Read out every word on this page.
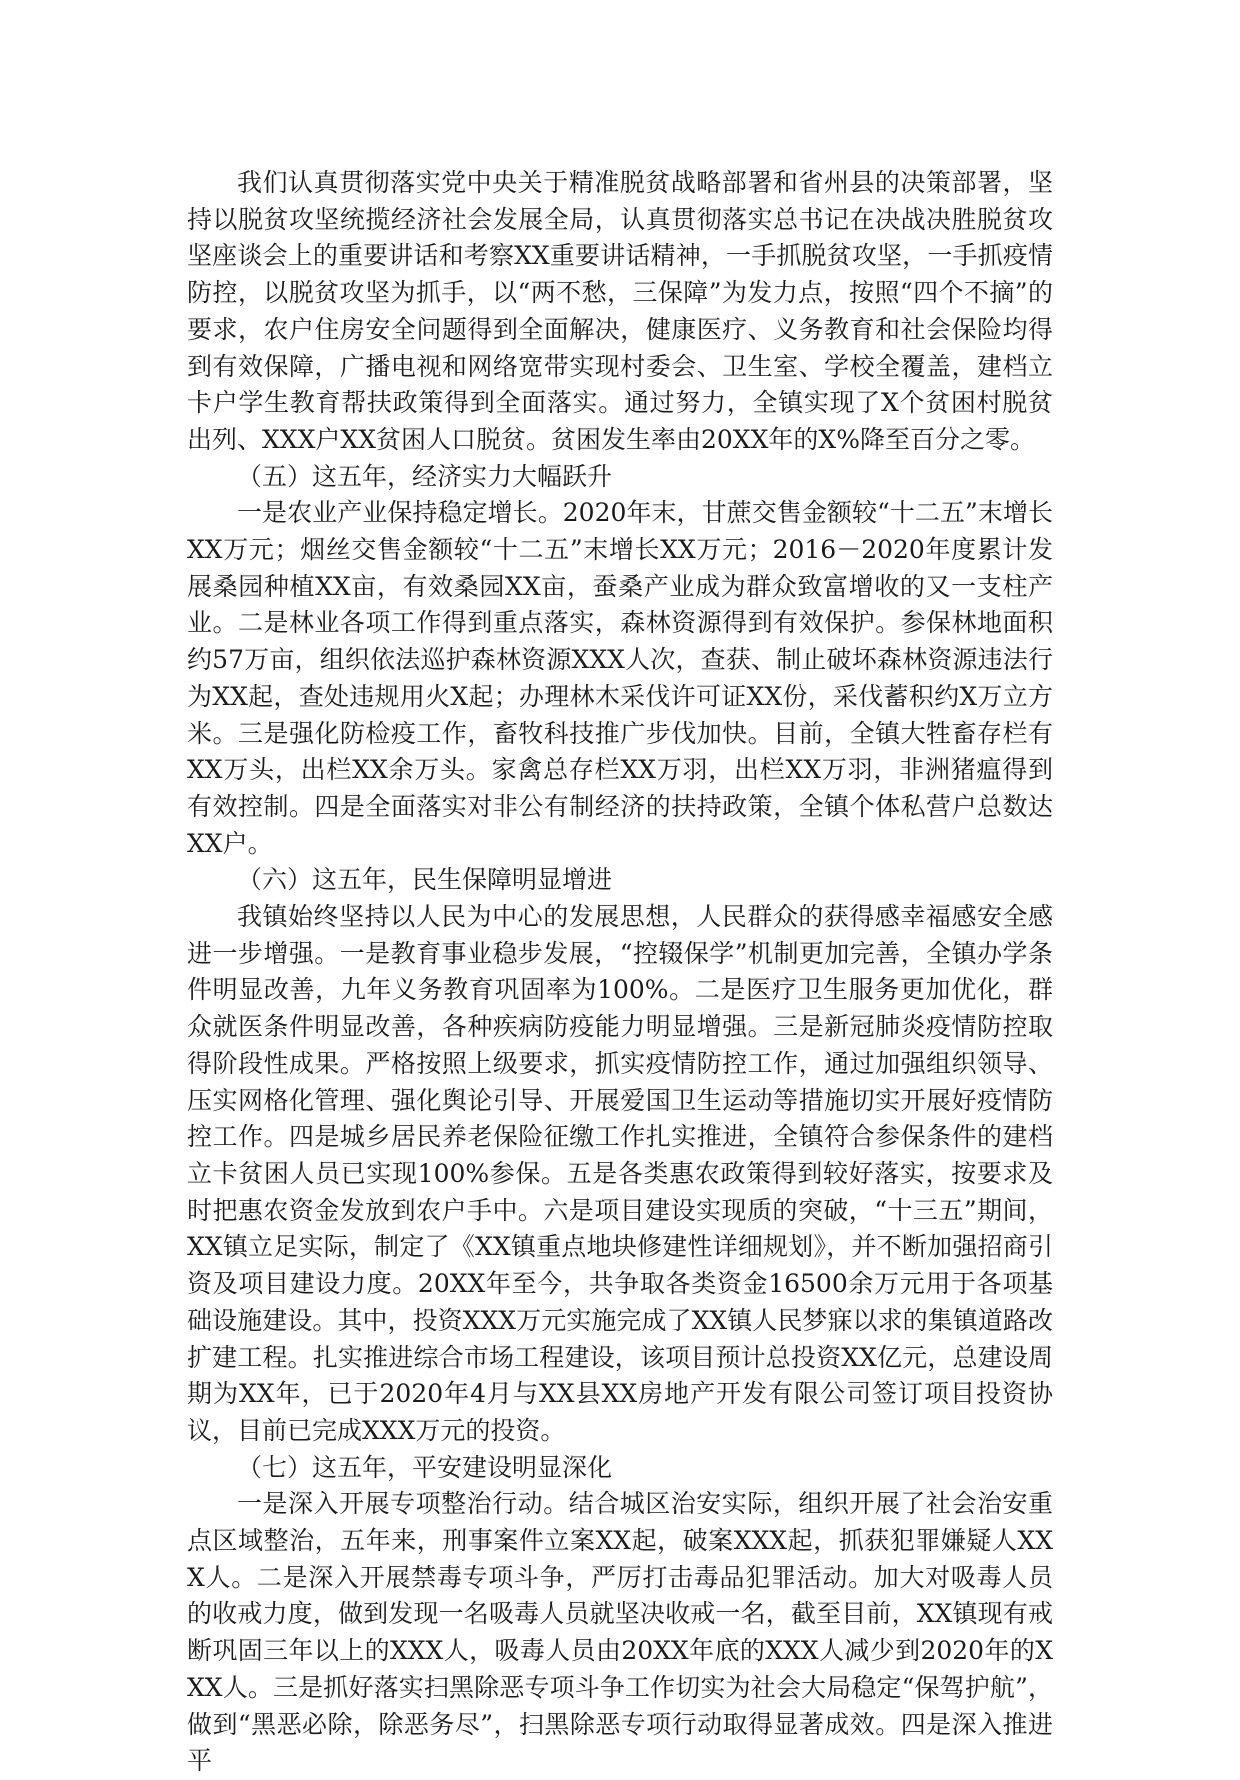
我们认真贯彻落实党中央关于精准脱贫战略部署和省州县的决策部署，坚持以脱贫攻坚统揽经济社会发展全局，认真贯彻落实总书记在决战决胜脱贫攻坚座谈会上的重要讲话和考察XX重要讲话精神，一手抓脱贫攻坚，一手抓疫情防控，以脱贫攻坚为抓手，以“两不愁，三保障”为发力点，按照“四个不摘”的要求，农户住房安全问题得到全面解决，健康医疗、义务教育和社会保险均得到有效保障，广播电视和网络宽带实现村委会、卫生室、学校全覆盖，建档立卡户学生教育帮扶政策得到全面落实。通过努力，全镇实现了X个贫困村脱贫出列、XXX户XX贫困人口脱贫。贫困发生率由20XX年的X%降至百分之零。

（五）这五年，经济实力大幅跃升

一是农业产业保持稳定增长。2020年末，甘蔗交售金额较“十二五”末增长XX万元；烟丝交售金额较“十二五”末增长XX万元；2016－2020年度累计发展桑园种植XX亩，有效桑园XX亩，蚕桑产业成为群众致富增收的又一支柱产业。二是林业各项工作得到重点落实，森林资源得到有效保护。参保林地面积约57万亩，组织依法巡护森林资源XXX人次，查获、制止破坏森林资源违法行为XX起，查处违规用火X起；办理林木采伐许可证XX份，采伐蓄积约X万立方米。三是强化防检疫工作，畜牧科技推广步伐加快。目前，全镇大牲畜存栏有XX万头，出栏XX余万头。家禽总存栏XX万羽，出栏XX万羽，非洲猪瘟得到有效控制。四是全面落实对非公有制经济的扶持政策，全镇个体私营户总数达XX户。

（六）这五年，民生保障明显增进

我镇始终坚持以人民为中心的发展思想，人民群众的获得感幸福感安全感进一步增强。一是教育事业稳步发展，“控辍保学”机制更加完善，全镇办学条件明显改善，九年义务教育巩固率为100%。二是医疗卫生服务更加优化，群众就医条件明显改善，各种疾病防疫能力明显增强。三是新冠肺炎疫情防控取得阶段性成果。严格按照上级要求，抓实疫情防控工作，通过加强组织领导、压实网格化管理、强化舆论引导、开展爱国卫生运动等措施切实开展好疫情防控工作。四是城乡居民养老保险征缴工作扎实推进，全镇符合参保条件的建档立卡贫困人员已实现100%参保。五是各类惠农政策得到较好落实，按要求及时把惠农资金发放到农户手中。六是项目建设实现质的突破，“十三五”期间，XX镇立足实际，制定了《XX镇重点地块修建性详细规划》，并不断加强招商引资及项目建设力度。20XX年至今，共争取各类资金16500余万元用于各项基础设施建设。其中，投资XXX万元实施完成了XX镇人民梦寐以求的集镇道路改扩建工程。扎实推进综合市场工程建设，该项目预计总投资XX亿元，总建设周期为XX年，已于2020年4月与XX县XX房地产开发有限公司签订项目投资协议，目前已完成XXX万元的投资。

（七）这五年，平安建设明显深化

一是深入开展专项整治行动。结合城区治安实际，组织开展了社会治安重点区域整治，五年来，刑事案件立案XX起，破案XXX起，抓获犯罪嫌疑人XXX人。二是深入开展禁毒专项斗争，严厉打击毒品犯罪活动。加大对吸毒人员的收戒力度，做到发现一名吸毒人员就坚决收戒一名，截至目前，XX镇现有戒断巩固三年以上的XXX人，吸毒人员由20XX年底的XXX人减少到2020年的XXX人。三是抓好落实扫黑除恶专项斗争工作切实为社会大局稳定“保驾护航”，做到“黑恶必除，除恶务尽”，扫黑除恶专项行动取得显著成效。四是深入推进平
